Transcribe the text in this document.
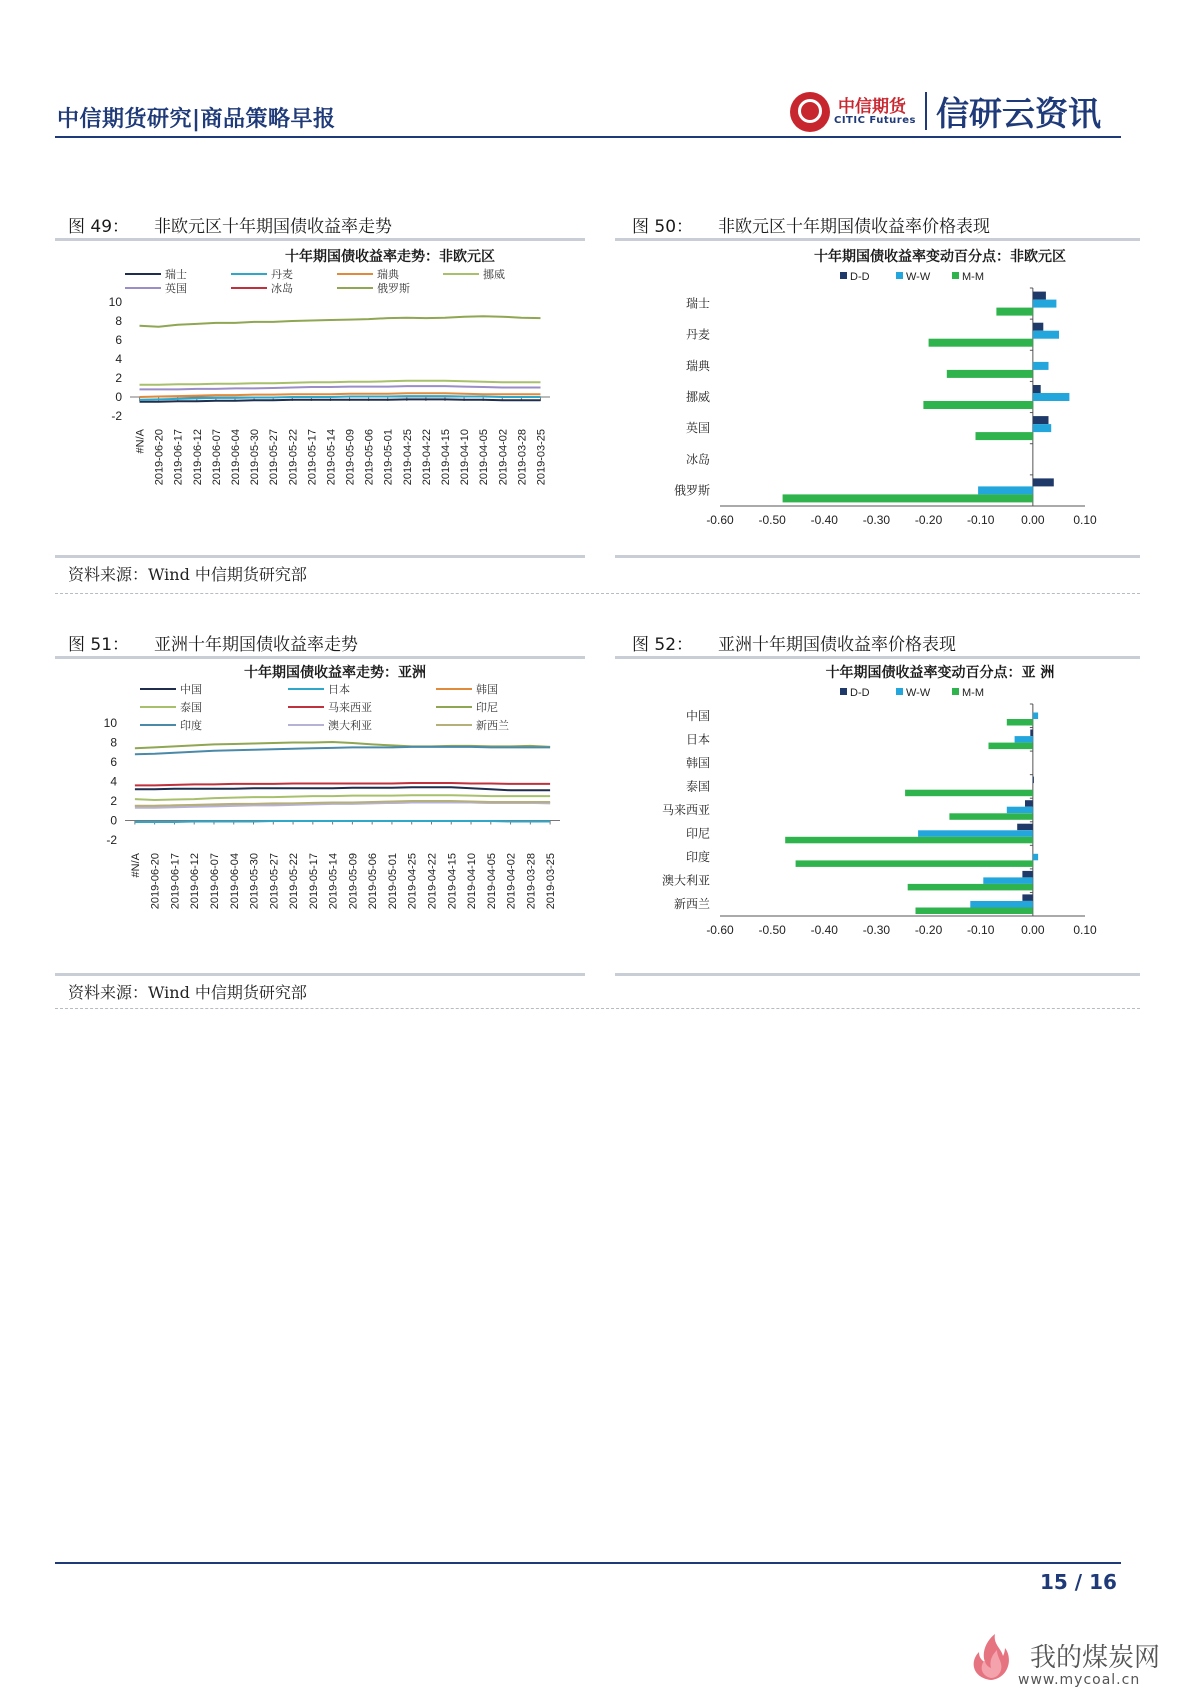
中信期货研究|商品策略早报	中信期货
CITIC Futures 信研云资讯
图 49： 非欧元区十年期国债收益率走势
十年期国债收益率走势：非欧元区
瑞士	丹麦	瑞典	挪威
英国	冰岛	俄罗斯
-2
0
2
4
6
8
10
#N/A 2019-06-20 2019-06-17 2019-06-12 2019-06-07 2019-06-04 2019-05-30 2019-05-27 2019-05-22 2019-05-17 2019-05-14 2019-05-09 2019-05-06 2019-05-01 2019-04-25 2019-04-22 2019-04-15 2019-04-10 2019-04-05 2019-04-02 2019-03-28 2019-03-25
资料来源：Wind 中信期货研究部
图 50： 非欧元区十年期国债收益率价格表现
十年期国债收益率变动百分点：非欧元区
D-D	W-W	M-M
-0.60 -0.50 -0.40 -0.30 -0.20 -0.10 0.00 0.10
瑞士
丹麦
瑞典
挪威
英国
冰岛
俄罗斯
图 51： 亚洲十年期国债收益率走势
十年期国债收益率走势：亚洲
中国	日本	韩国
泰国	马来西亚	印尼
印度	澳大利亚	新西兰
-2
0
2
4
6
8
10
#N/A 2019-06-20 2019-06-17 2019-06-12 2019-06-07 2019-06-04 2019-05-30 2019-05-27 2019-05-22 2019-05-17 2019-05-14 2019-05-09 2019-05-06 2019-05-01 2019-04-25 2019-04-22 2019-04-15 2019-04-10 2019-04-05 2019-04-02 2019-03-28 2019-03-25
资料来源：Wind 中信期货研究部
图 52： 亚洲十年期国债收益率价格表现
十年期国债收益率变动百分点：亚 洲
D-D	W-W	M-M
-0.60 -0.50 -0.40 -0.30 -0.20 -0.10 0.00 0.10
中国
日本
韩国
泰国
马来西亚
印尼
印度
澳大利亚
新西兰
15 / 16
我的煤炭网
www.mycoal.cn
